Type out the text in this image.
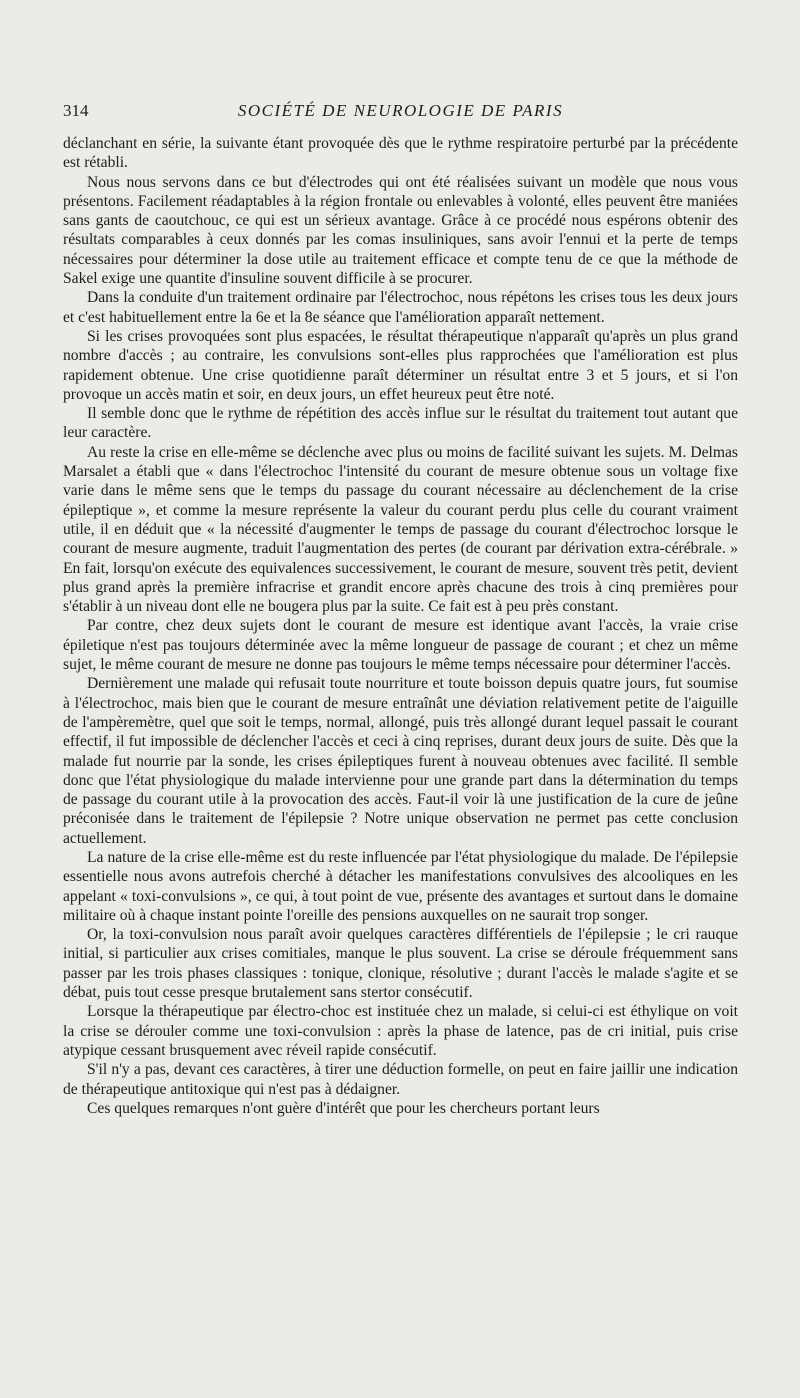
314	SOCIÉTÉ DE NEUROLOGIE DE PARIS

déclanchant en série, la suivante étant provoquée dès que le rythme respiratoire perturbé par la précédente est rétabli.

Nous nous servons dans ce but d'électrodes qui ont été réalisées suivant un modèle que nous vous présentons. Facilement réadaptables à la région frontale ou enlevables à volonté, elles peuvent être maniées sans gants de caoutchouc, ce qui est un sérieux avantage. Grâce à ce procédé nous espérons obtenir des résultats comparables à ceux donnés par les comas insuliniques, sans avoir l'ennui et la perte de temps nécessaires pour déterminer la dose utile au traitement efficace et compte tenu de ce que la méthode de Sakel exige une quantite d'insuline souvent difficile à se procurer.

Dans la conduite d'un traitement ordinaire par l'électrochoc, nous répétons les crises tous les deux jours et c'est habituellement entre la 6e et la 8e séance que l'amélioration apparaît nettement.

Si les crises provoquées sont plus espacées, le résultat thérapeutique n'apparaît qu'après un plus grand nombre d'accès ; au contraire, les convulsions sont-elles plus rapprochées que l'amélioration est plus rapidement obtenue. Une crise quotidienne paraît déterminer un résultat entre 3 et 5 jours, et si l'on provoque un accès matin et soir, en deux jours, un effet heureux peut être noté.

Il semble donc que le rythme de répétition des accès influe sur le résultat du traitement tout autant que leur caractère.

Au reste la crise en elle-même se déclenche avec plus ou moins de facilité suivant les sujets. M. Delmas Marsalet a établi que « dans l'électrochoc l'intensité du courant de mesure obtenue sous un voltage fixe varie dans le même sens que le temps du passage du courant nécessaire au déclenchement de la crise épileptique », et comme la mesure représente la valeur du courant perdu plus celle du courant vraiment utile, il en déduit que « la nécessité d'augmenter le temps de passage du courant d'électrochoc lorsque le courant de mesure augmente, traduit l'augmentation des pertes (de courant par dérivation extra-cérébrale. » En fait, lorsqu'on exécute des equivalences successivement, le courant de mesure, souvent très petit, devient plus grand après la première infracrise et grandit encore après chacune des trois à cinq premières pour s'établir à un niveau dont elle ne bougera plus par la suite. Ce fait est à peu près constant.

Par contre, chez deux sujets dont le courant de mesure est identique avant l'accès, la vraie crise épiletique n'est pas toujours déterminée avec la même longueur de passage de courant ; et chez un même sujet, le même courant de mesure ne donne pas toujours le même temps nécessaire pour déterminer l'accès.

Dernièrement une malade qui refusait toute nourriture et toute boisson depuis quatre jours, fut soumise à l'électrochoc, mais bien que le courant de mesure entraînât une déviation relativement petite de l'aiguille de l'ampèremètre, quel que soit le temps, normal, allongé, puis très allongé durant lequel passait le courant effectif, il fut impossible de déclencher l'accès et ceci à cinq reprises, durant deux jours de suite. Dès que la malade fut nourrie par la sonde, les crises épileptiques furent à nouveau obtenues avec facilité. Il semble donc que l'état physiologique du malade intervienne pour une grande part dans la détermination du temps de passage du courant utile à la provocation des accès. Faut-il voir là une justification de la cure de jeûne préconisée dans le traitement de l'épilepsie ? Notre unique observation ne permet pas cette conclusion actuellement.

La nature de la crise elle-même est du reste influencée par l'état physiologique du malade. De l'épilepsie essentielle nous avons autrefois cherché à détacher les manifestations convulsives des alcooliques en les appelant « toxi-convulsions », ce qui, à tout point de vue, présente des avantages et surtout dans le domaine militaire où à chaque instant pointe l'oreille des pensions auxquelles on ne saurait trop songer.

Or, la toxi-convulsion nous paraît avoir quelques caractères différentiels de l'épilepsie ; le cri rauque initial, si particulier aux crises comitiales, manque le plus souvent. La crise se déroule fréquemment sans passer par les trois phases classiques : tonique, clonique, résolutive ; durant l'accès le malade s'agite et se débat, puis tout cesse presque brutalement sans stertor consécutif.

Lorsque la thérapeutique par électro-choc est instituée chez un malade, si celui-ci est éthylique on voit la crise se dérouler comme une toxi-convulsion : après la phase de latence, pas de cri initial, puis crise atypique cessant brusquement avec réveil rapide consécutif.

S'il n'y a pas, devant ces caractères, à tirer une déduction formelle, on peut en faire jaillir une indication de thérapeutique antitoxique qui n'est pas à dédaigner.

Ces quelques remarques n'ont guère d'intérêt que pour les chercheurs portant leurs
